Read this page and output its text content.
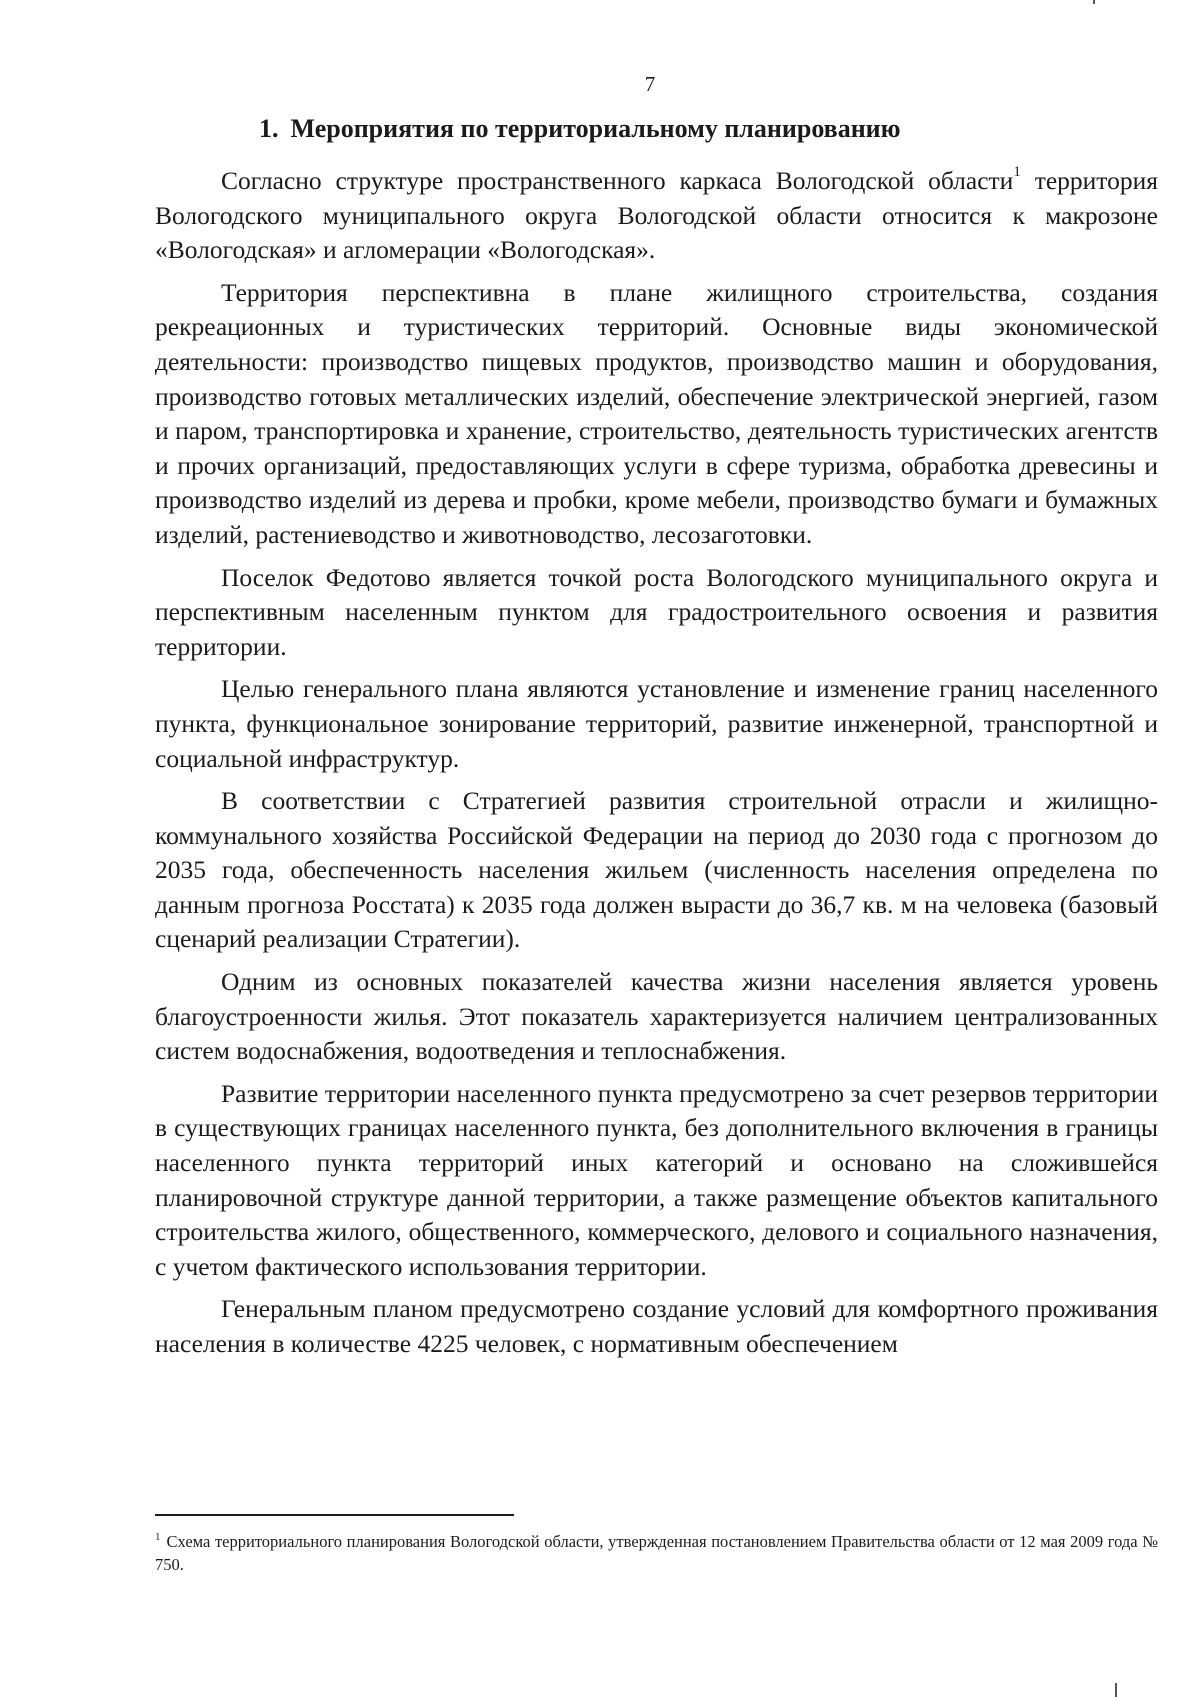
7
1. Мероприятия по территориальному планированию

Согласно структуре пространственного каркаса Вологодской области$^1$ территория Вологодского муниципального округа Вологодской области относится к макрозоне «Вологодская» и агломерации «Вологодская».

Территория перспективна в плане жилищного строительства, создания рекреационных и туристических территорий. Основные виды экономической деятельности: производство пищевых продуктов, производство машин и оборудования, производство готовых металлических изделий, обеспечение электрической энергией, газом и паром, транспортировка и хранение, строительство, деятельность туристических агентств и прочих организаций, предоставляющих услуги в сфере туризма, обработка древесины и производство изделий из дерева и пробки, кроме мебели, производство бумаги и бумажных изделий, растениеводство и животноводство, лесозаготовки.

Поселок Федотово является точкой роста Вологодского муниципального округа и перспективным населенным пунктом для градостроительного освоения и развития территории.

Целью генерального плана являются установление и изменение границ населенного пункта, функциональное зонирование территорий, развитие инженерной, транспортной и социальной инфраструктур.

В соответствии с Стратегией развития строительной отрасли и жилищно-коммунального хозяйства Российской Федерации на период до 2030 года с прогнозом до 2035 года, обеспеченность населения жильем (численность населения определена по данным прогноза Росстата) к 2035 года должен вырасти до 36,7 кв. м на человека (базовый сценарий реализации Стратегии).

Одним из основных показателей качества жизни населения является уровень благоустроенности жилья. Этот показатель характеризуется наличием централизованных систем водоснабжения, водоотведения и теплоснабжения.

Развитие территории населенного пункта предусмотрено за счет резервов территории в существующих границах населенного пункта, без дополнительного включения в границы населенного пункта территорий иных категорий и основано на сложившейся планировочной структуре данной территории, а также размещение объектов капитального строительства жилого, общественного, коммерческого, делового и социального назначения, с учетом фактического использования территории.

Генеральным планом предусмотрено создание условий для комфортного проживания населения в количестве 4225 человек, с нормативным обеспечением

$^1$ Схема территориального планирования Вологодской области, утвержденная постановлением Правительства области от 12 мая 2009 года № 750.
